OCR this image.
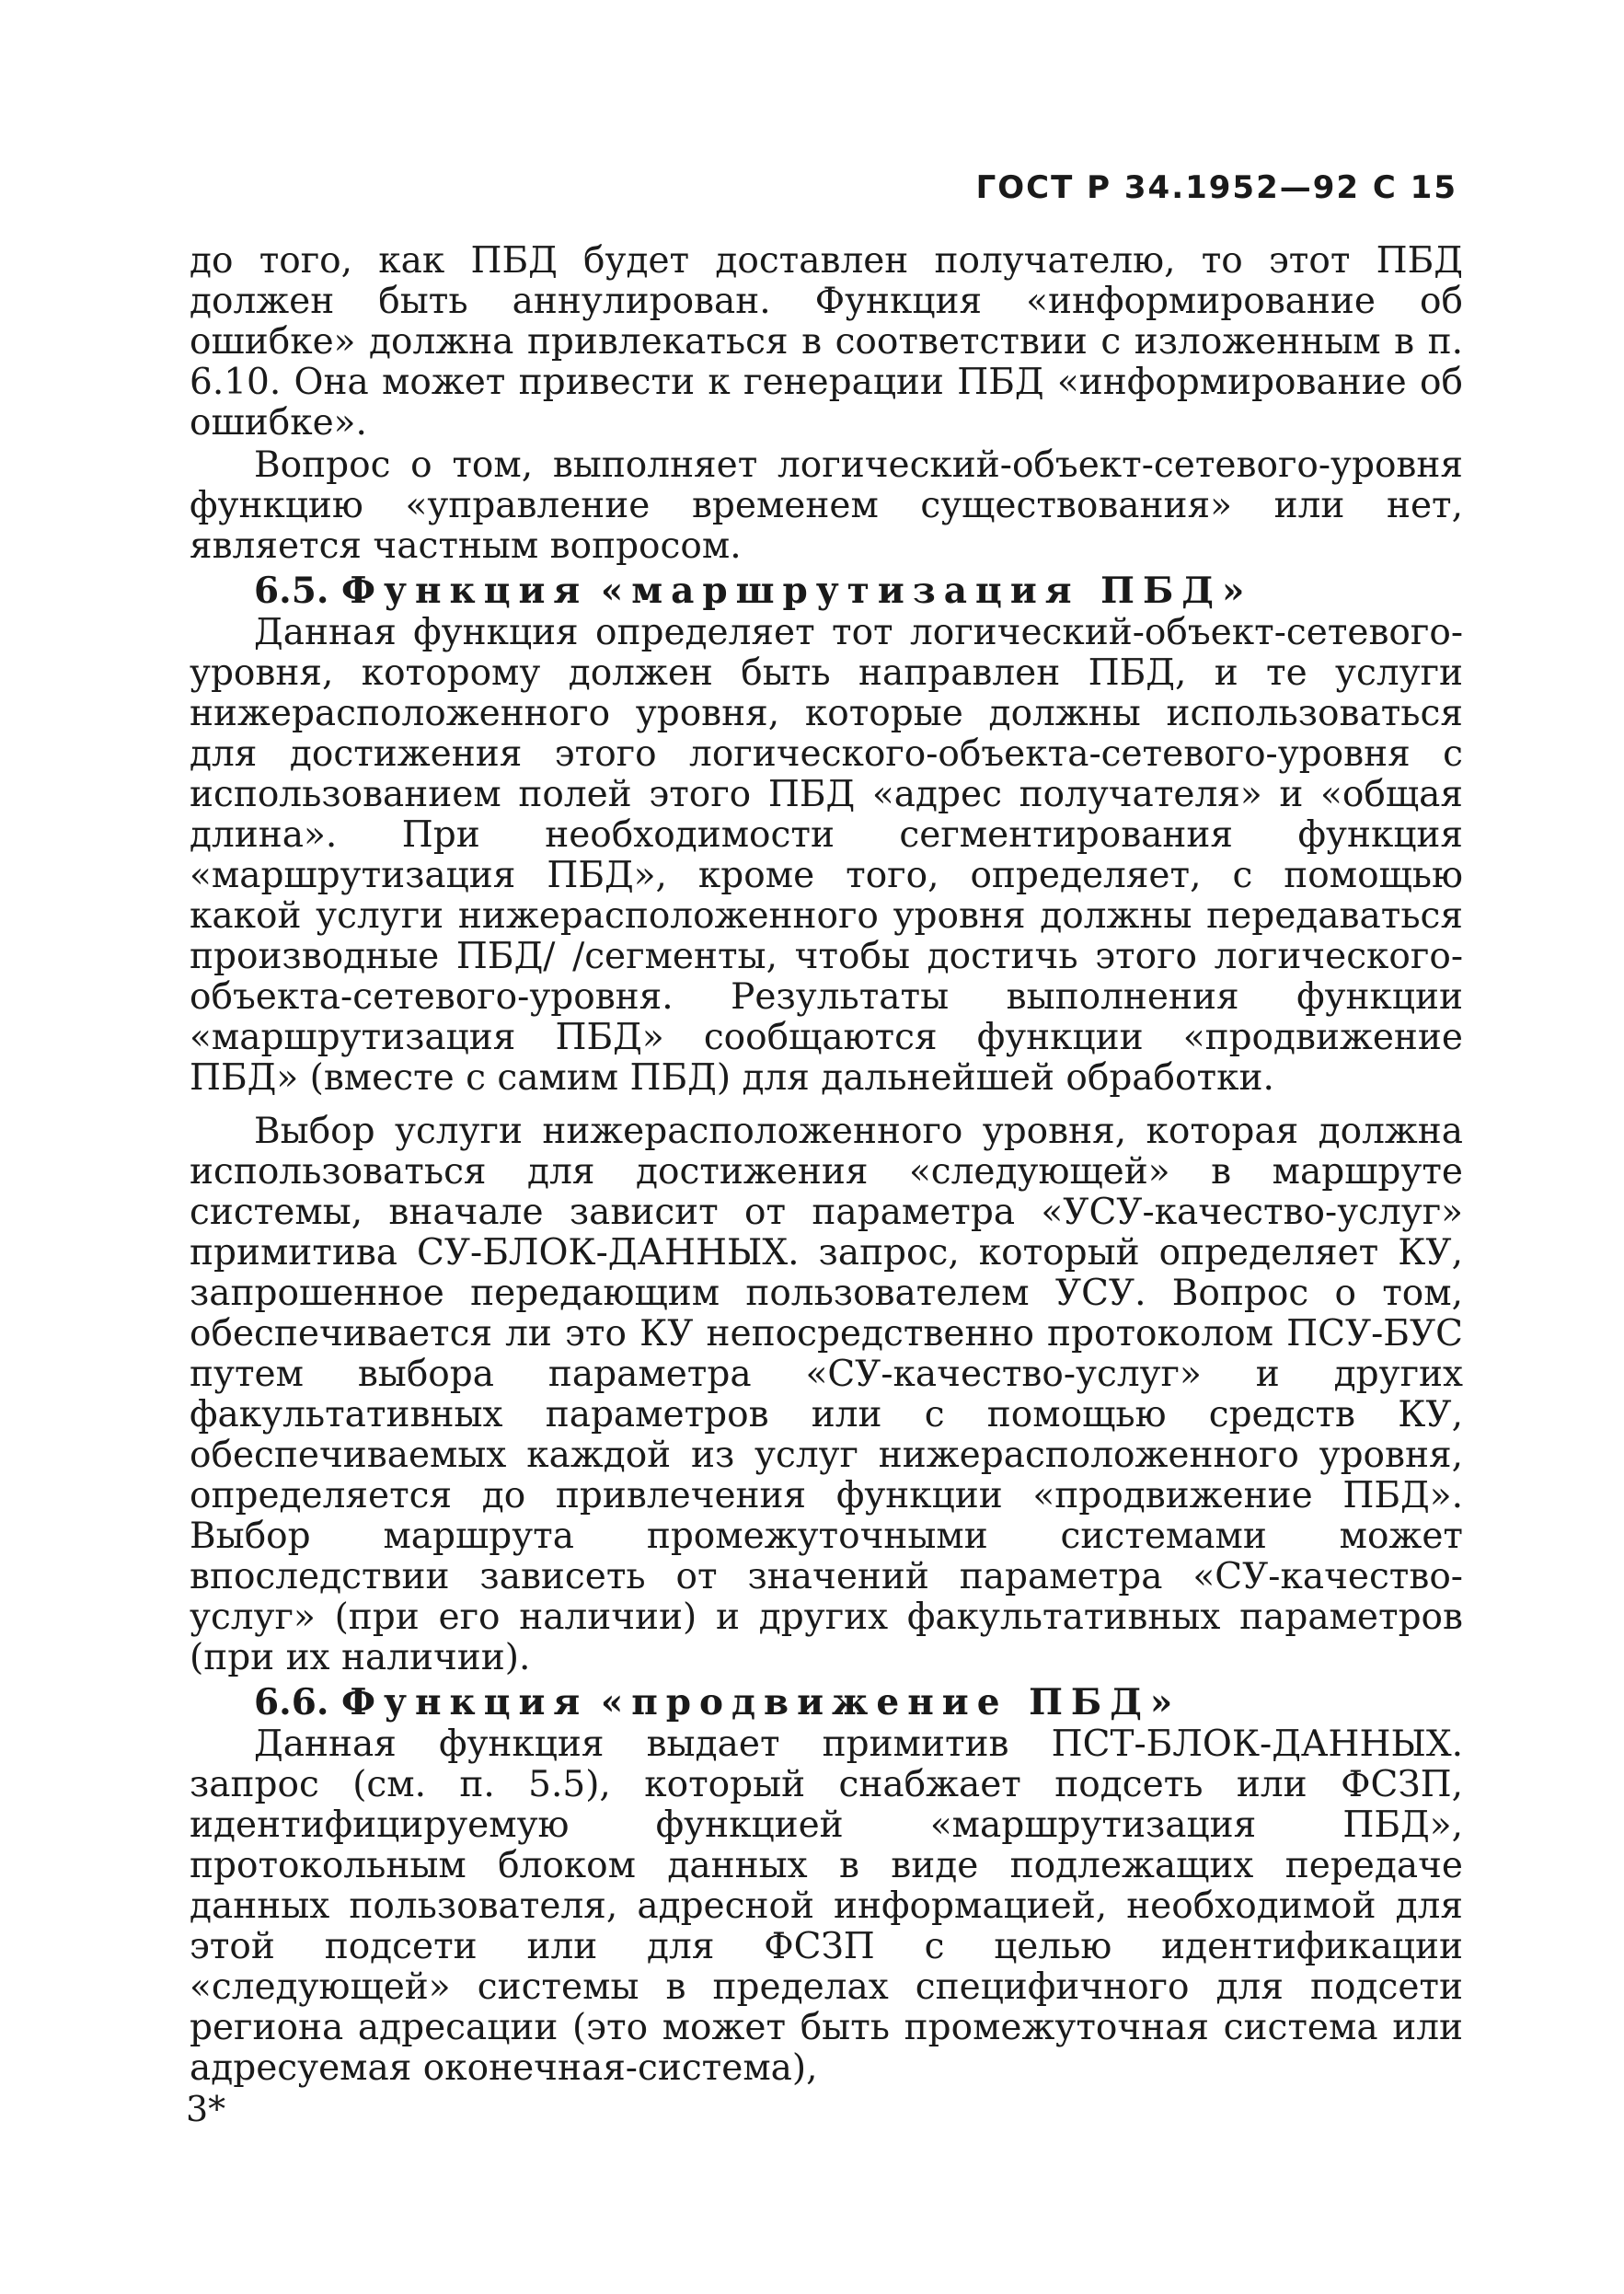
ГОСТ Р 34.1952—92 С 15

до того, как ПБД будет доставлен получателю, то этот ПБД должен быть аннулирован. Функция «информирование об ошибке» должна привлекаться в соответствии с изложенным в п. 6.10. Она может привести к генерации ПБД «информирование об ошибке».

Вопрос о том, выполняет логический-объект-сетевого-уровня функцию «управление временем существования» или нет, является частным вопросом.

6.5. Функция «маршрутизация ПБД»

Данная функция определяет тот логический-объект-сетевого-уровня, которому должен быть направлен ПБД, и те услуги нижерасположенного уровня, которые должны использоваться для достижения этого логического-объекта-сетевого-уровня с использованием полей этого ПБД «адрес получателя» и «общая длина». При необходимости сегментирования функция «маршрутизация ПБД», кроме того, определяет, с помощью какой услуги нижерасположенного уровня должны передаваться производные ПБД/ /сегменты, чтобы достичь этого логического-объекта-сетевого-уровня. Результаты выполнения функции «маршрутизация ПБД» сообщаются функции «продвижение ПБД» (вместе с самим ПБД) для дальнейшей обработки.

Выбор услуги нижерасположенного уровня, которая должна использоваться для достижения «следующей» в маршруте системы, вначале зависит от параметра «УСУ-качество-услуг» примитива СУ-БЛОК-ДАННЫХ. запрос, который определяет КУ, запрошенное передающим пользователем УСУ. Вопрос о том, обеспечивается ли это КУ непосредственно протоколом ПСУ-БУС путем выбора параметра «СУ-качество-услуг» и других факультативных параметров или с помощью средств КУ, обеспечиваемых каждой из услуг нижерасположенного уровня, определяется до привлечения функции «продвижение ПБД». Выбор маршрута промежуточными системами может впоследствии зависеть от значений параметра «СУ-качество-услуг» (при его наличии) и других факультативных параметров (при их наличии).

6.6. Функция «продвижение ПБД»

Данная функция выдает примитив ПСТ-БЛОК-ДАННЫХ. запрос (см. п. 5.5), который снабжает подсеть или ФСЗП, идентифицируемую функцией «маршрутизация ПБД», протокольным блоком данных в виде подлежащих передаче данных пользователя, адресной информацией, необходимой для этой подсети или для ФСЗП с целью идентификации «следующей» системы в пределах специфичного для подсети региона адресации (это может быть промежуточная система или адресуемая оконечная-система),

3*
